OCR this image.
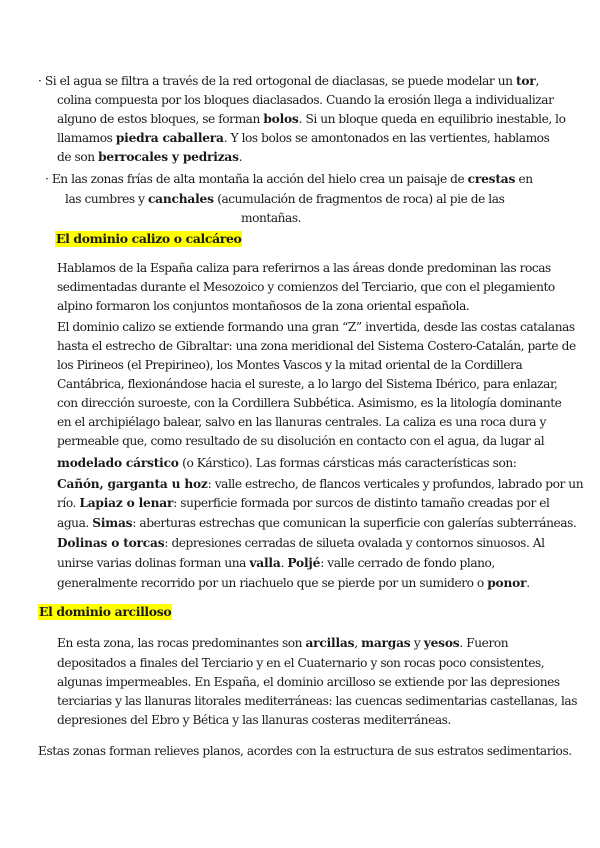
· Si el agua se filtra a través de la red ortogonal de diaclasas, se puede modelar un tor,
colina compuesta por los bloques diaclasados. Cuando la erosión llega a individualizar
alguno de estos bloques, se forman bolos. Si un bloque queda en equilibrio inestable, lo
llamamos piedra caballera. Y los bolos se amontonados en las vertientes, hablamos
de son berrocales y pedrizas.
· En las zonas frías de alta montaña la acción del hielo crea un paisaje de crestas en
las cumbres y canchales (acumulación de fragmentos de roca) al pie de las
montañas.
El dominio calizo o calcáreo
Hablamos de la España caliza para referirnos a las áreas donde predominan las rocas
sedimentadas durante el Mesozoico y comienzos del Terciario, que con el plegamiento
alpino formaron los conjuntos montañosos de la zona oriental española.
El dominio calizo se extiende formando una gran “Z” invertida, desde las costas catalanas
hasta el estrecho de Gibraltar: una zona meridional del Sistema Costero-Catalán, parte de
los Pirineos (el Prepirineo), los Montes Vascos y la mitad oriental de la Cordillera
Cantábrica, flexionándose hacia el sureste, a lo largo del Sistema Ibérico, para enlazar,
con dirección suroeste, con la Cordillera Subbética. Asimismo, es la litología dominante
en el archipiélago balear, salvo en las llanuras centrales. La caliza es una roca dura y
permeable que, como resultado de su disolución en contacto con el agua, da lugar al
modelado cárstico (o Kárstico). Las formas cársticas más características son:
Cañón, garganta u hoz: valle estrecho, de flancos verticales y profundos, labrado por un
río. Lapiaz o lenar: superficie formada por surcos de distinto tamaño creadas por el
agua. Simas: aberturas estrechas que comunican la superficie con galerías subterráneas.
Dolinas o torcas: depresiones cerradas de silueta ovalada y contornos sinuosos. Al
unirse varias dolinas forman una valla. Poljé: valle cerrado de fondo plano,
generalmente recorrido por un riachuelo que se pierde por un sumidero o ponor.
El dominio arcilloso
En esta zona, las rocas predominantes son arcillas, margas y yesos. Fueron
depositados a finales del Terciario y en el Cuaternario y son rocas poco consistentes,
algunas impermeables. En España, el dominio arcilloso se extiende por las depresiones
terciarias y las llanuras litorales mediterráneas: las cuencas sedimentarias castellanas, las
depresiones del Ebro y Bética y las llanuras costeras mediterráneas.
Estas zonas forman relieves planos, acordes con la estructura de sus estratos sedimentarios.
